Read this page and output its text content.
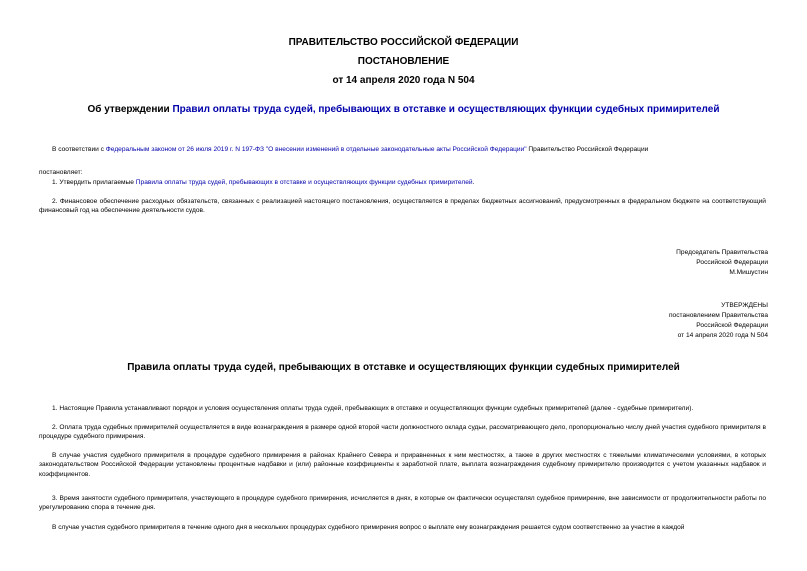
ПРАВИТЕЛЬСТВО РОССИЙСКОЙ ФЕДЕРАЦИИ
ПОСТАНОВЛЕНИЕ
от 14 апреля 2020 года N 504
Об утверждении Правил оплаты труда судей, пребывающих в отставке и осуществляющих функции судебных примирителей
В соответствии с Федеральным законом от 26 июля 2019 г. N 197-ФЗ "О внесении изменений в отдельные законодательные акты Российской Федерации" Правительство Российской Федерации
постановляет:
1. Утвердить прилагаемые Правила оплаты труда судей, пребывающих в отставке и осуществляющих функции судебных примирителей.
2. Финансовое обеспечение расходных обязательств, связанных с реализацией настоящего постановления, осуществляется в пределах бюджетных ассигнований, предусмотренных в федеральном бюджете на соответствующий финансовый год на обеспечение деятельности судов.
Председатель Правительства
Российской Федерации
М.Мишустин
УТВЕРЖДЕНЫ
постановлением Правительства
Российской Федерации
от 14 апреля 2020 года N 504
Правила оплаты труда судей, пребывающих в отставке и осуществляющих функции судебных примирителей
1. Настоящие Правила устанавливают порядок и условия осуществления оплаты труда судей, пребывающих в отставке и осуществляющих функции судебных примирителей (далее - судебные примирители).
2. Оплата труда судебных примирителей осуществляется в виде вознаграждения в размере одной второй части должностного оклада судьи, рассматривающего дело, пропорционально числу дней участия судебного примирителя в процедуре судебного примирения.
В случае участия судебного примирителя в процедуре судебного примирения в районах Крайнего Севера и приравненных к ним местностях, а также в других местностях с тяжелыми климатическими условиями, в которых законодательством Российской Федерации установлены процентные надбавки и (или) районные коэффициенты к заработной плате, выплата вознаграждения судебному примирителю производится с учетом указанных надбавок и коэффициентов.
3. Время занятости судебного примирителя, участвующего в процедуре судебного примирения, исчисляется в днях, в которые он фактически осуществлял судебное примирение, вне зависимости от продолжительности работы по урегулированию спора в течение дня.
В случае участия судебного примирителя в течение одного дня в нескольких процедурах судебного примирения вопрос о выплате ему вознаграждения решается судом соответственно за участие в каждой
